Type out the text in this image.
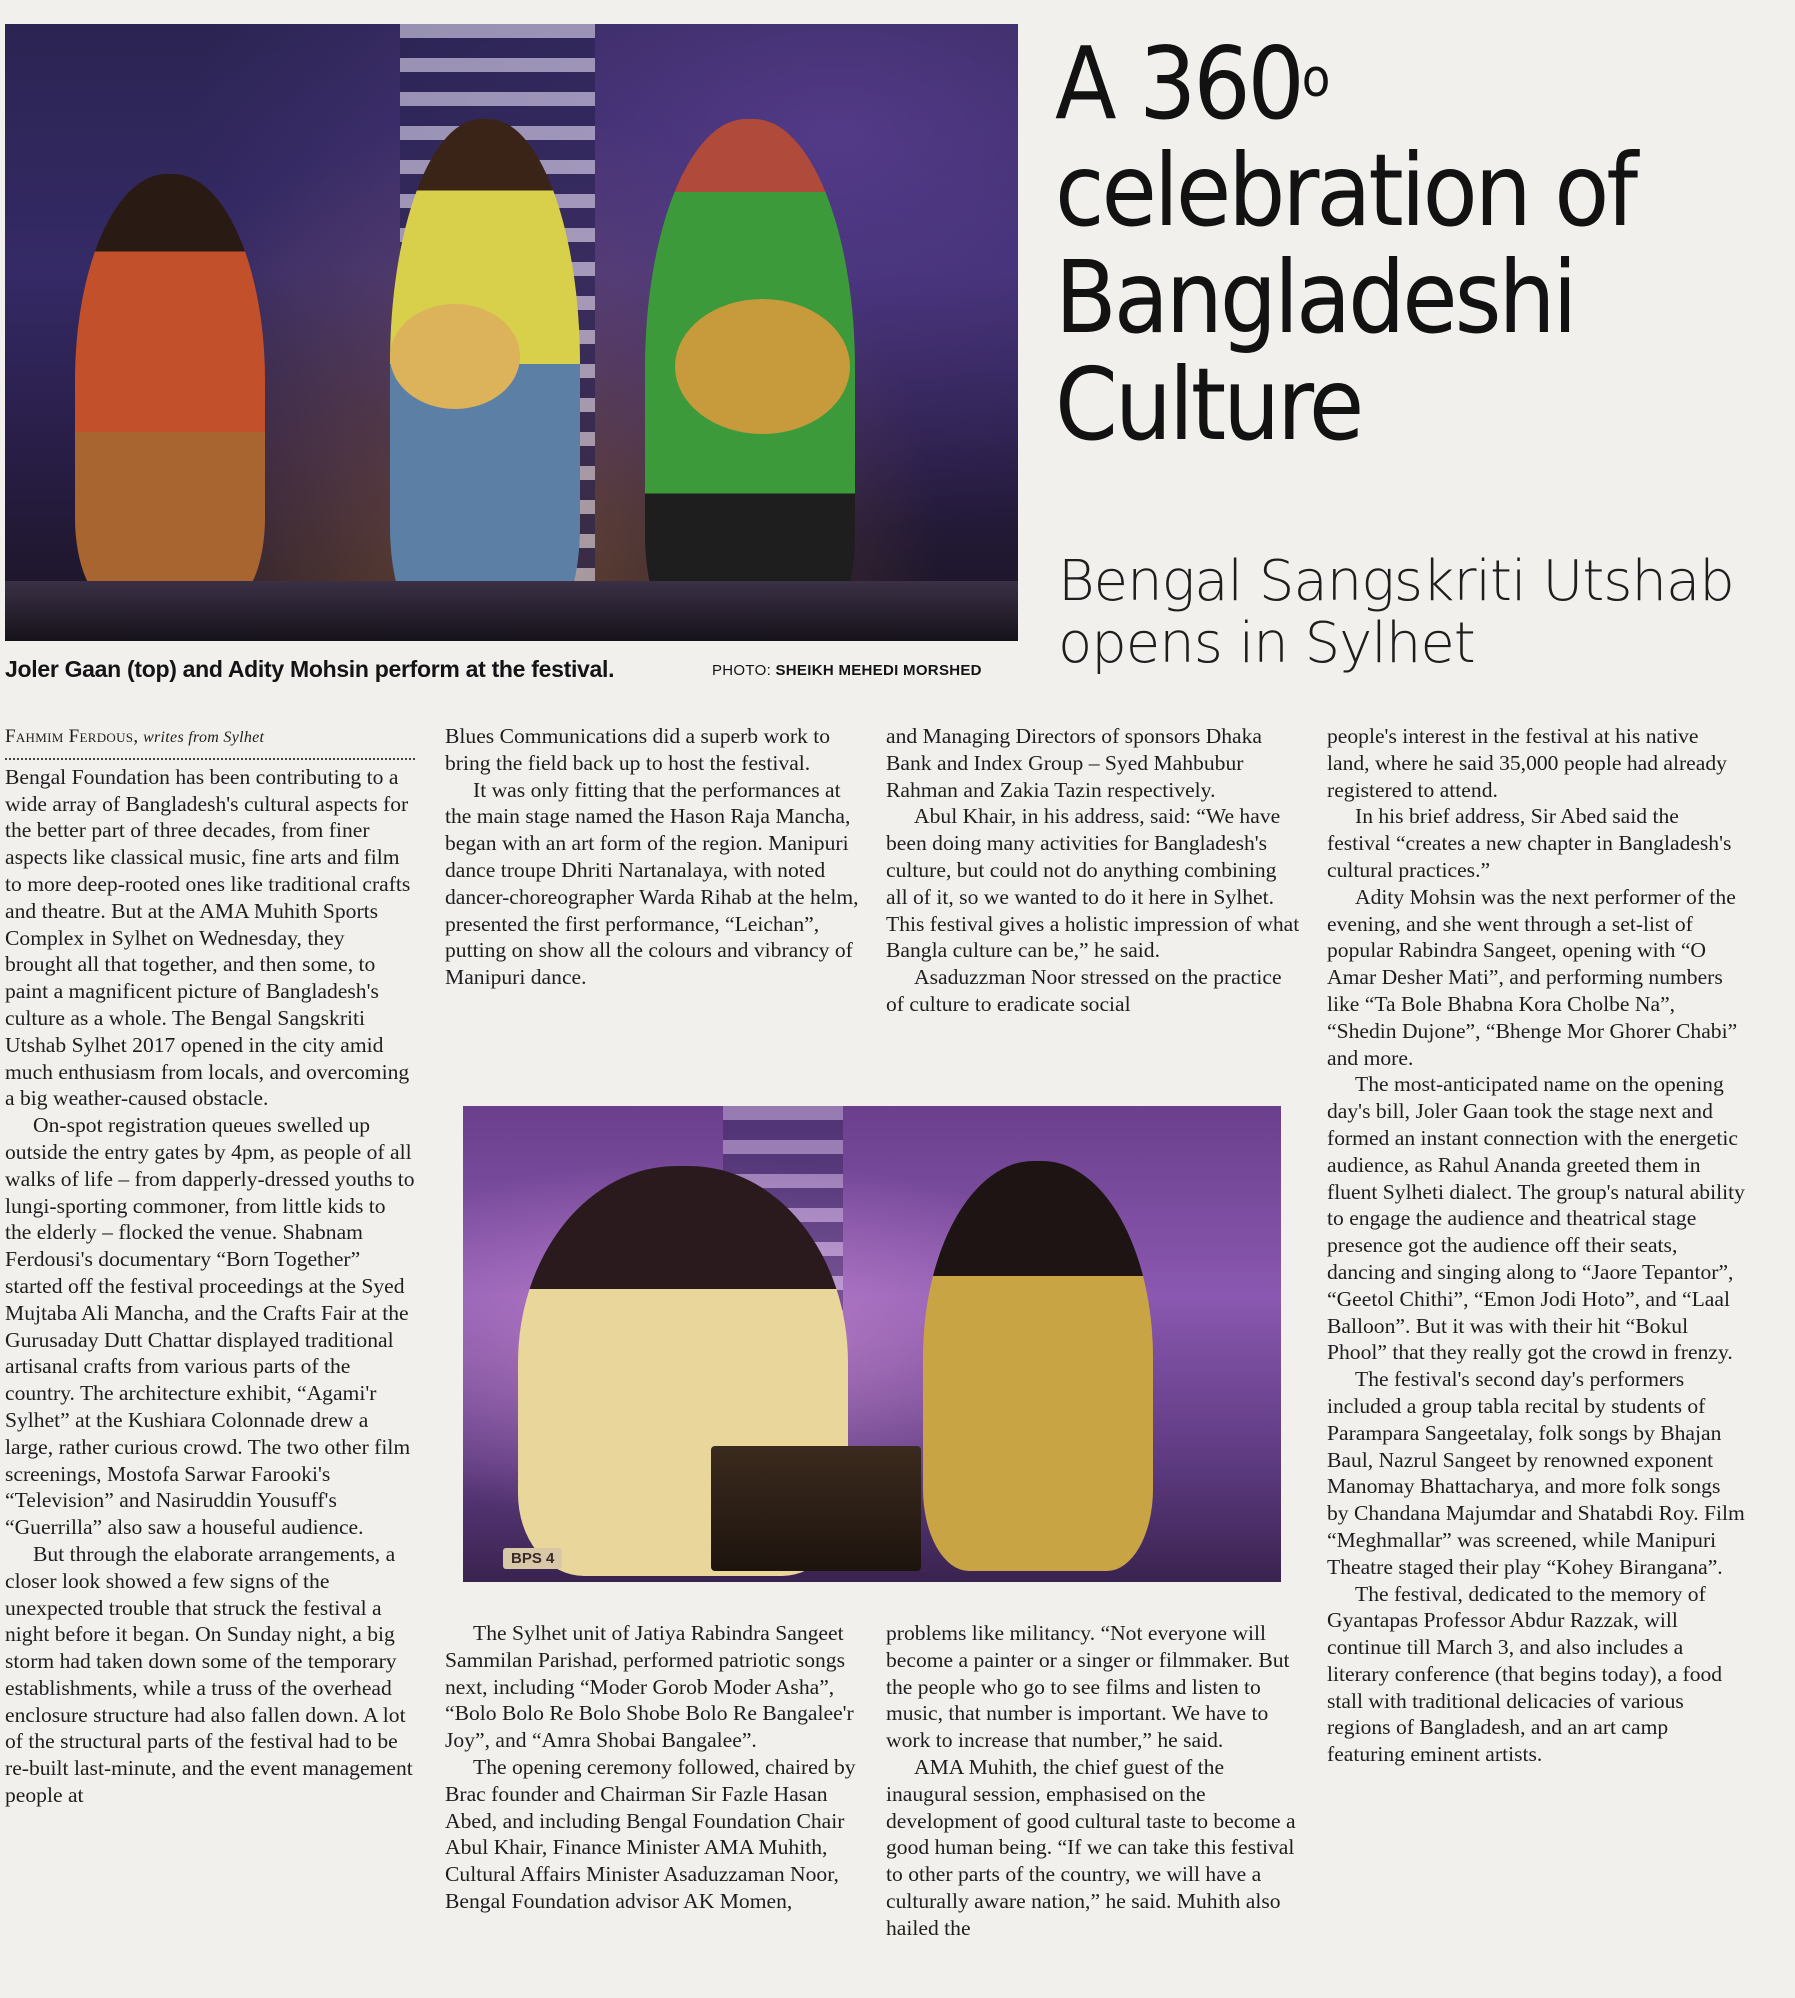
Joler Gaan (top) and Adity Mohsin perform at the festival.	PHOTO: SHEIKH MEHEDI MORSHED
A 360$^o$
celebration of Bangladeshi Culture
Bengal Sangskriti Utshab opens in Sylhet
Fahmim Ferdous, writes from Sylhet

Bengal Foundation has been contributing to a wide array of Bangladesh's cultural aspects for the better part of three decades, from finer aspects like classical music, fine arts and film to more deep-rooted ones like traditional crafts and theatre. But at the AMA Muhith Sports Complex in Sylhet on Wednesday, they brought all that together, and then some, to paint a magnificent picture of Bangladesh's culture as a whole. The Bengal Sangskriti Utshab Sylhet 2017 opened in the city amid much enthusiasm from locals, and overcoming a big weather-caused obstacle.

On-spot registration queues swelled up outside the entry gates by 4pm, as people of all walks of life – from dapperly-dressed youths to lungi-sporting commoner, from little kids to the elderly – flocked the venue. Shabnam Ferdousi's documentary “Born Together” started off the festival proceedings at the Syed Mujtaba Ali Mancha, and the Crafts Fair at the Gurusaday Dutt Chattar displayed traditional artisanal crafts from various parts of the country. The architecture exhibit, “Agami'r Sylhet” at the Kushiara Colonnade drew a large, rather curious crowd. The two other film screenings, Mostofa Sarwar Farooki's “Television” and Nasiruddin Yousuff's “Guerrilla” also saw a houseful audience.

But through the elaborate arrangements, a closer look showed a few signs of the unexpected trouble that struck the festival a night before it began. On Sunday night, a big storm had taken down some of the temporary establishments, while a truss of the overhead enclosure structure had also fallen down. A lot of the structural parts of the festival had to be re-built last-minute, and the event management people at

Blues Communications did a superb work to bring the field back up to host the festival.

It was only fitting that the performances at the main stage named the Hason Raja Mancha, began with an art form of the region. Manipuri dance troupe Dhriti Nartanalaya, with noted dancer-choreographer Warda Rihab at the helm, presented the first performance, “Leichan”, putting on show all the colours and vibrancy of Manipuri dance.

and Managing Directors of sponsors Dhaka Bank and Index Group – Syed Mahbubur Rahman and Zakia Tazin respectively.

Abul Khair, in his address, said: “We have been doing many activities for Bangladesh's culture, but could not do anything combining all of it, so we wanted to do it here in Sylhet. This festival gives a holistic impression of what Bangla culture can be,” he said.

Asaduzzman Noor stressed on the practice of culture to eradicate social

BPS 4

The Sylhet unit of Jatiya Rabindra Sangeet Sammilan Parishad, performed patriotic songs next, including “Moder Gorob Moder Asha”, “Bolo Bolo Re Bolo Shobe Bolo Re Bangalee'r Joy”, and “Amra Shobai Bangalee”.

The opening ceremony followed, chaired by Brac founder and Chairman Sir Fazle Hasan Abed, and including Bengal Foundation Chair Abul Khair, Finance Minister AMA Muhith, Cultural Affairs Minister Asaduzzaman Noor, Bengal Foundation advisor AK Momen,

problems like militancy. “Not everyone will become a painter or a singer or filmmaker. But the people who go to see films and listen to music, that number is important. We have to work to increase that number,” he said.

AMA Muhith, the chief guest of the inaugural session, emphasised on the development of good cultural taste to become a good human being. “If we can take this festival to other parts of the country, we will have a culturally aware nation,” he said. Muhith also hailed the

people's interest in the festival at his native land, where he said 35,000 people had already registered to attend.

In his brief address, Sir Abed said the festival “creates a new chapter in Bangladesh's cultural practices.”

Adity Mohsin was the next performer of the evening, and she went through a set-list of popular Rabindra Sangeet, opening with “O Amar Desher Mati”, and performing numbers like “Ta Bole Bhabna Kora Cholbe Na”, “Shedin Dujone”, “Bhenge Mor Ghorer Chabi” and more.

The most-anticipated name on the opening day's bill, Joler Gaan took the stage next and formed an instant connection with the energetic audience, as Rahul Ananda greeted them in fluent Sylheti dialect. The group's natural ability to engage the audience and theatrical stage presence got the audience off their seats, dancing and singing along to “Jaore Tepantor”, “Geetol Chithi”, “Emon Jodi Hoto”, and “Laal Balloon”. But it was with their hit “Bokul Phool” that they really got the crowd in frenzy.

The festival's second day's performers included a group tabla recital by students of Parampara Sangeetalay, folk songs by Bhajan Baul, Nazrul Sangeet by renowned exponent Manomay Bhattacharya, and more folk songs by Chandana Majumdar and Shatabdi Roy. Film “Meghmallar” was screened, while Manipuri Theatre staged their play “Kohey Birangana”.

The festival, dedicated to the memory of Gyantapas Professor Abdur Razzak, will continue till March 3, and also includes a literary conference (that begins today), a food stall with traditional delicacies of various regions of Bangladesh, and an art camp featuring eminent artists.
